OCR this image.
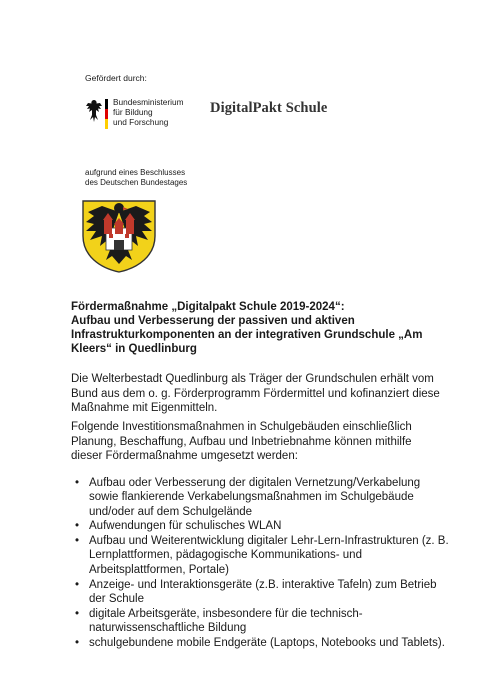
Gefördert durch:
Bundesministerium
für Bildung
und Forschung
DigitalPakt Schule
aufgrund eines Beschlusses
des Deutschen Bundestages
Fördermaßnahme „Digitalpakt Schule 2019-2024“:
Aufbau und Verbesserung der passiven und aktiven Infrastrukturkomponenten an der integrativen Grundschule „Am Kleers“ in Quedlinburg
Die Welterbestadt Quedlinburg als Träger der Grundschulen erhält vom Bund aus dem o. g. Förderprogramm Fördermittel und kofinanziert diese Maßnahme mit Eigenmitteln.
Folgende Investitionsmaßnahmen in Schulgebäuden einschließlich Planung, Beschaffung, Aufbau und Inbetriebnahme können mithilfe dieser Fördermaßnahme umgesetzt werden:
• Aufbau oder Verbesserung der digitalen Vernetzung/Verkabelung sowie flankierende Verkabelungsmaßnahmen im Schulgebäude und/oder auf dem Schulgelände
• Aufwendungen für schulisches WLAN
• Aufbau und Weiterentwicklung digitaler Lehr-Lern-Infrastrukturen (z. B. Lernplattformen, pädagogische Kommunikations- und Arbeitsplattformen, Portale)
• Anzeige- und Interaktionsgeräte (z.B. interaktive Tafeln) zum Betrieb der Schule
• digitale Arbeitsgeräte, insbesondere für die technisch-naturwissenschaftliche Bildung
• schulgebundene mobile Endgeräte (Laptops, Notebooks und Tablets).
